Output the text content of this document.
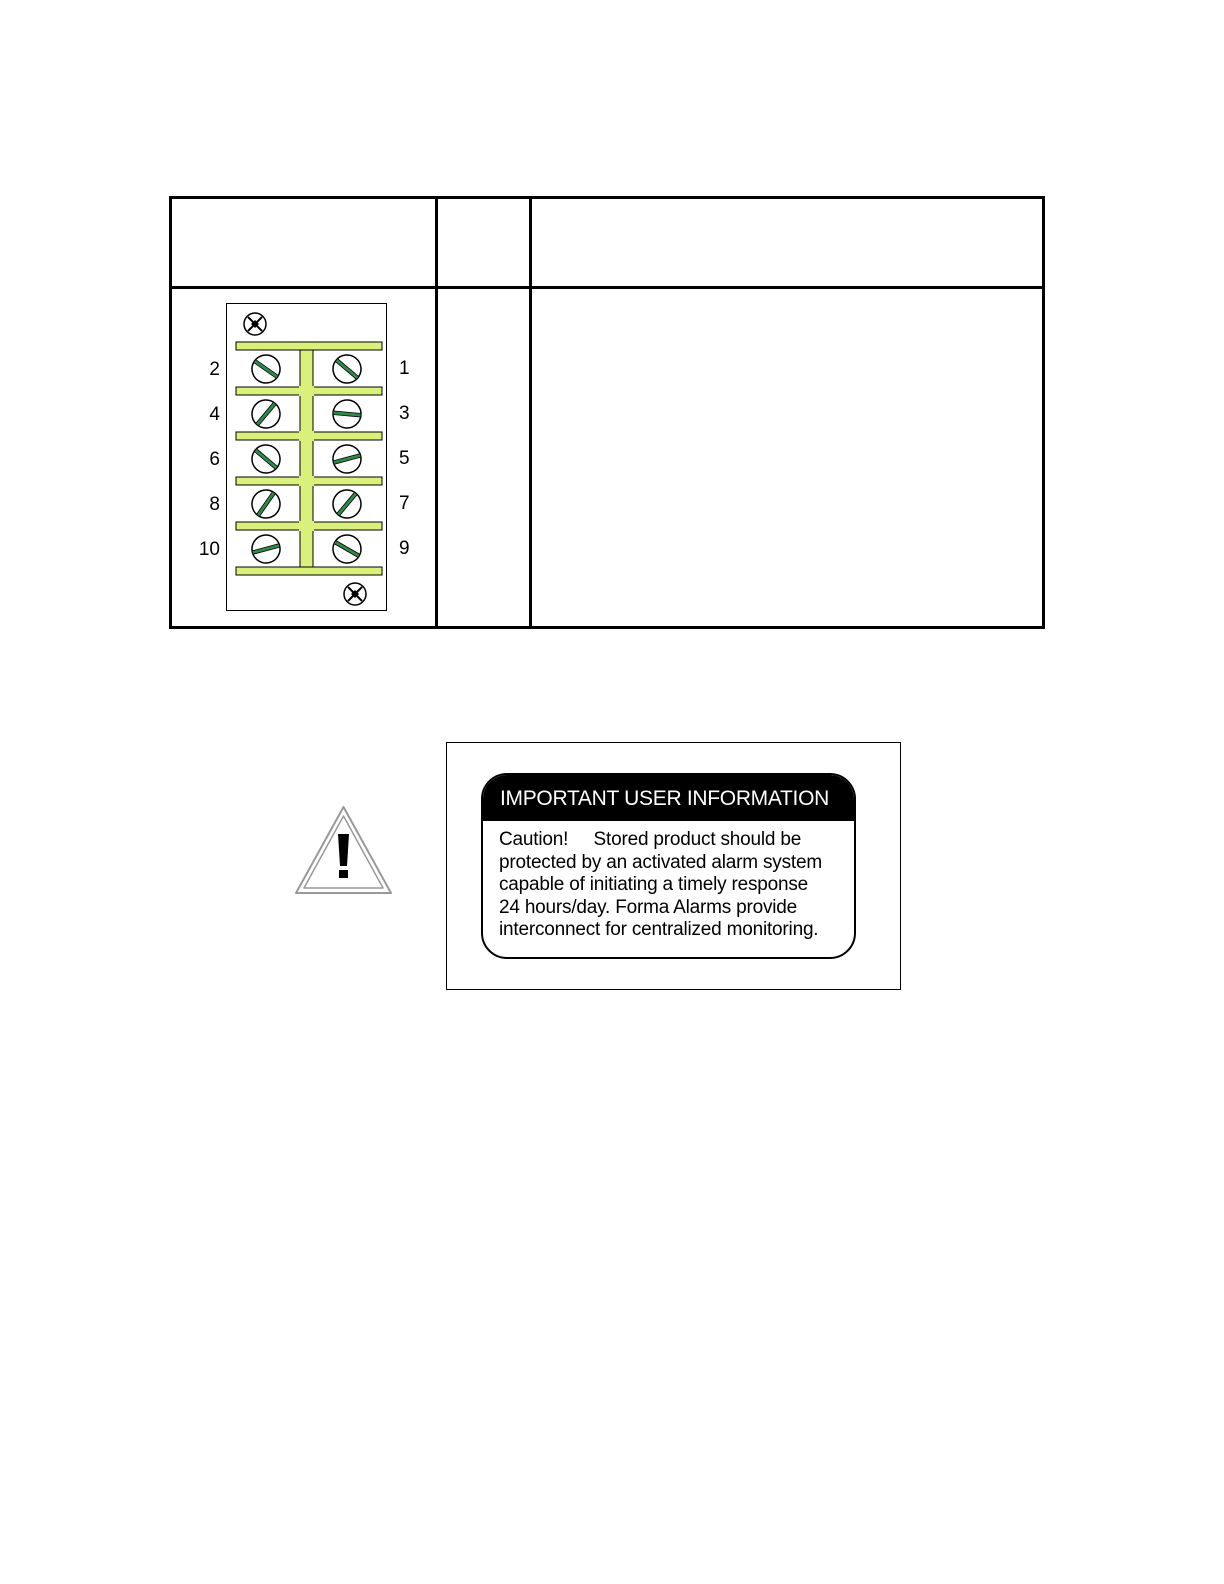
2
4
6
8
10
1
3
5
7
9
IMPORTANT USER INFORMATION
Caution!     Stored product should be
protected by an activated alarm system
capable of initiating a timely response
24 hours/day. Forma Alarms provide
interconnect for centralized monitoring.
